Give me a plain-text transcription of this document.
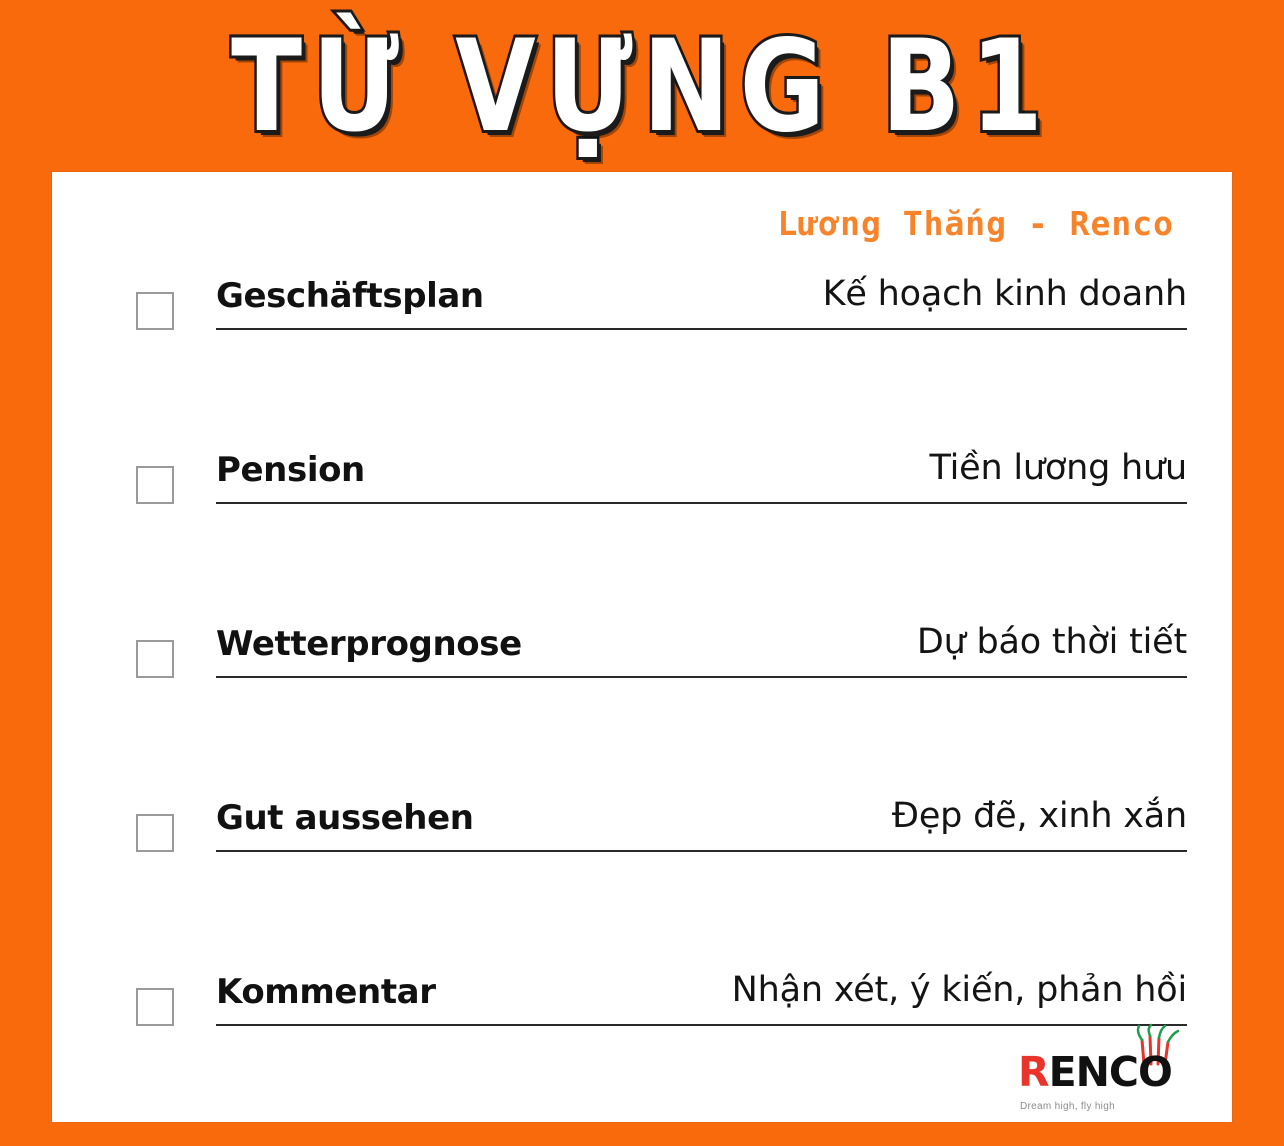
TỪ VỰNG B1
Lương Thắng - Renco
Geschäftsplan	Kế hoạch kinh doanh
Pension	Tiền lương hưu
Wetterprognose	Dự báo thời tiết
Gut aussehen	Đẹp đẽ, xinh xắn
Kommentar	Nhận xét, ý kiến, phản hồi
RENCO
Dream high, fly high
